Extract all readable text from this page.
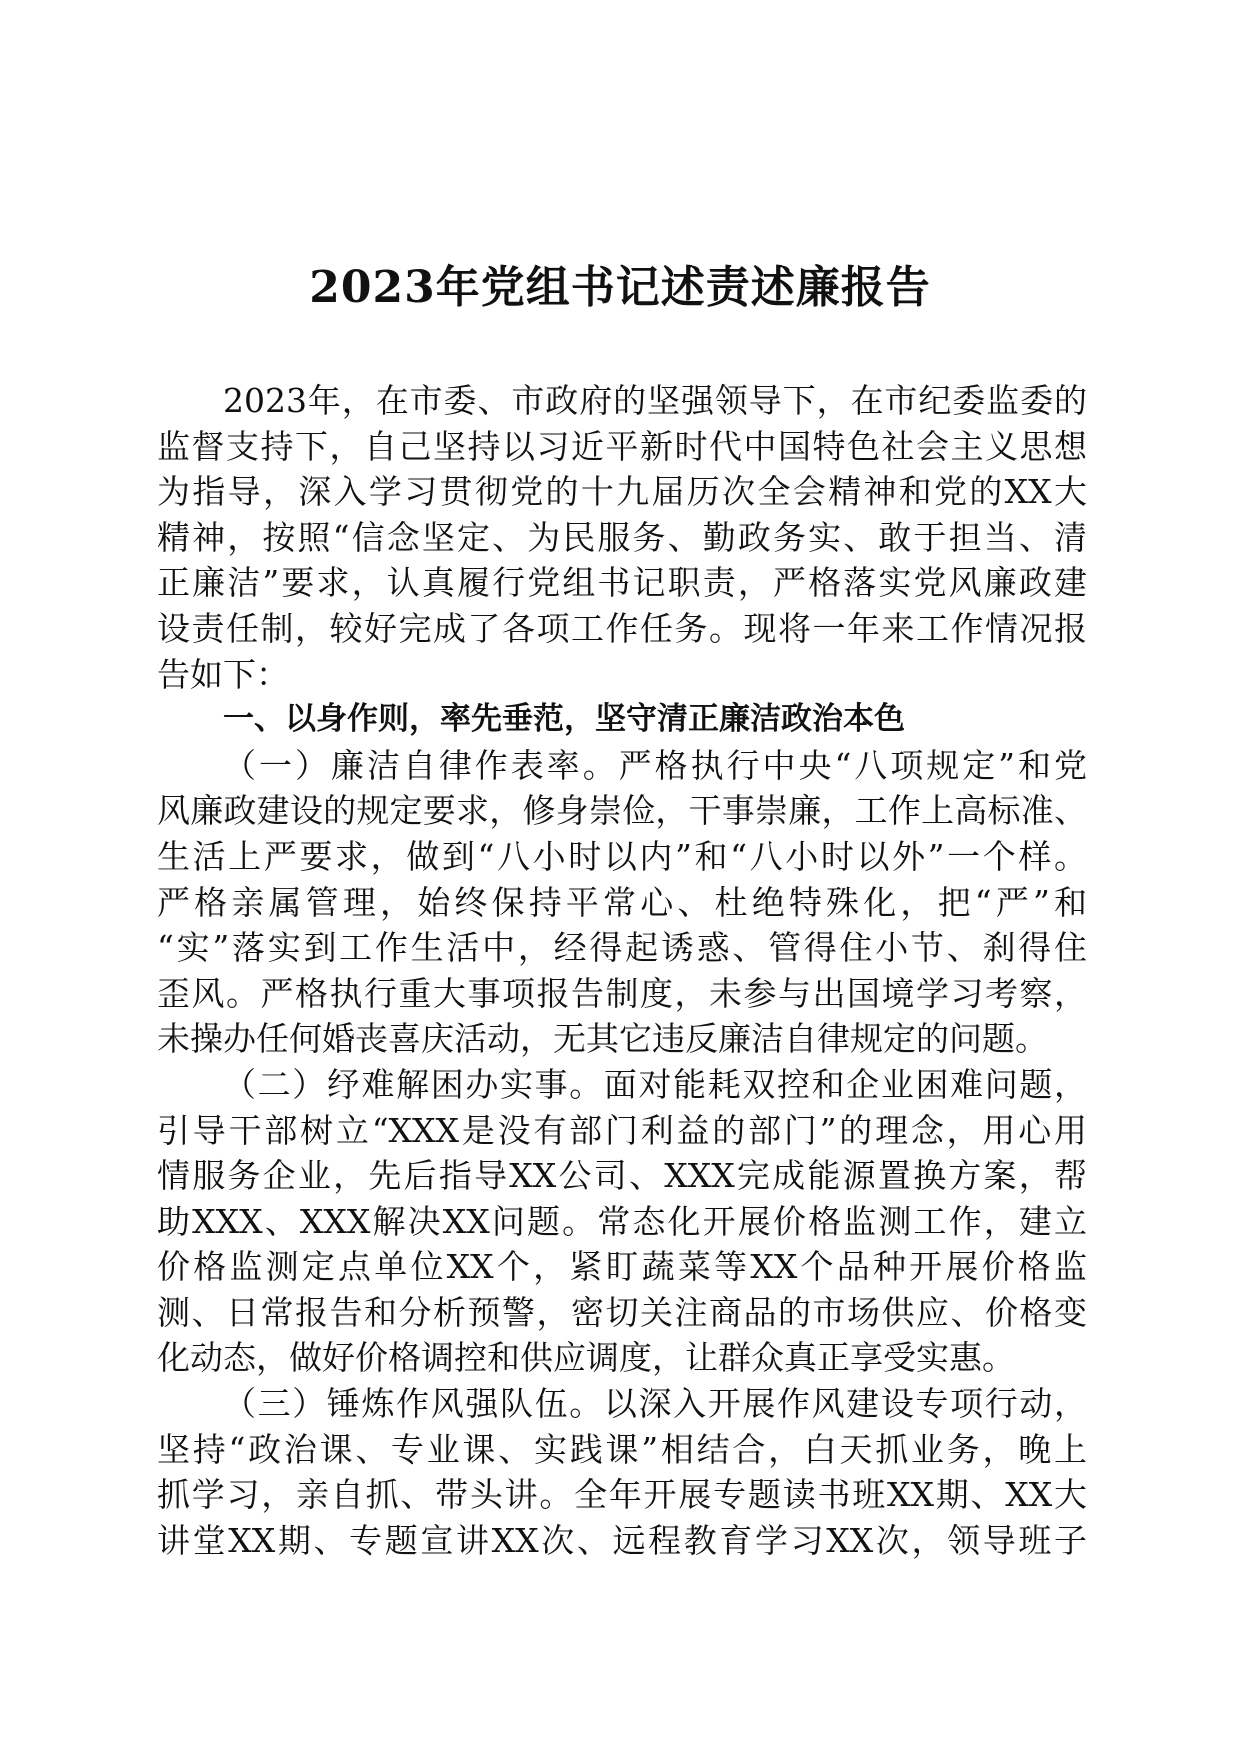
2023年党组书记述责述廉报告
2023年，在市委、市政府的坚强领导下，在市纪委监委的
监督支持下，自己坚持以习近平新时代中国特色社会主义思想
为指导，深入学习贯彻党的十九届历次全会精神和党的XX大
精神，按照“信念坚定、为民服务、勤政务实、敢于担当、清
正廉洁”要求，认真履行党组书记职责，严格落实党风廉政建
设责任制，较好完成了各项工作任务。现将一年来工作情况报
告如下：
一、以身作则，率先垂范，坚守清正廉洁政治本色
（一）廉洁自律作表率。严格执行中央“八项规定”和党
风廉政建设的规定要求，修身崇俭，干事崇廉，工作上高标准、
生活上严要求，做到“八小时以内”和“八小时以外”一个样。
严格亲属管理，始终保持平常心、杜绝特殊化，把“严”和
“实”落实到工作生活中，经得起诱惑、管得住小节、刹得住
歪风。严格执行重大事项报告制度，未参与出国境学习考察，
未操办任何婚丧喜庆活动，无其它违反廉洁自律规定的问题。
（二）纾难解困办实事。面对能耗双控和企业困难问题，
引导干部树立“XXX是没有部门利益的部门”的理念，用心用
情服务企业，先后指导XX公司、XXX完成能源置换方案，帮
助XXX、XXX解决XX问题。常态化开展价格监测工作，建立
价格监测定点单位XX个，紧盯蔬菜等XX个品种开展价格监
测、日常报告和分析预警，密切关注商品的市场供应、价格变
化动态，做好价格调控和供应调度，让群众真正享受实惠。
（三）锤炼作风强队伍。以深入开展作风建设专项行动，
坚持“政治课、专业课、实践课”相结合，白天抓业务，晚上
抓学习，亲自抓、带头讲。全年开展专题读书班XX期、XX大
讲堂XX期、专题宣讲XX次、远程教育学习XX次，领导班子
